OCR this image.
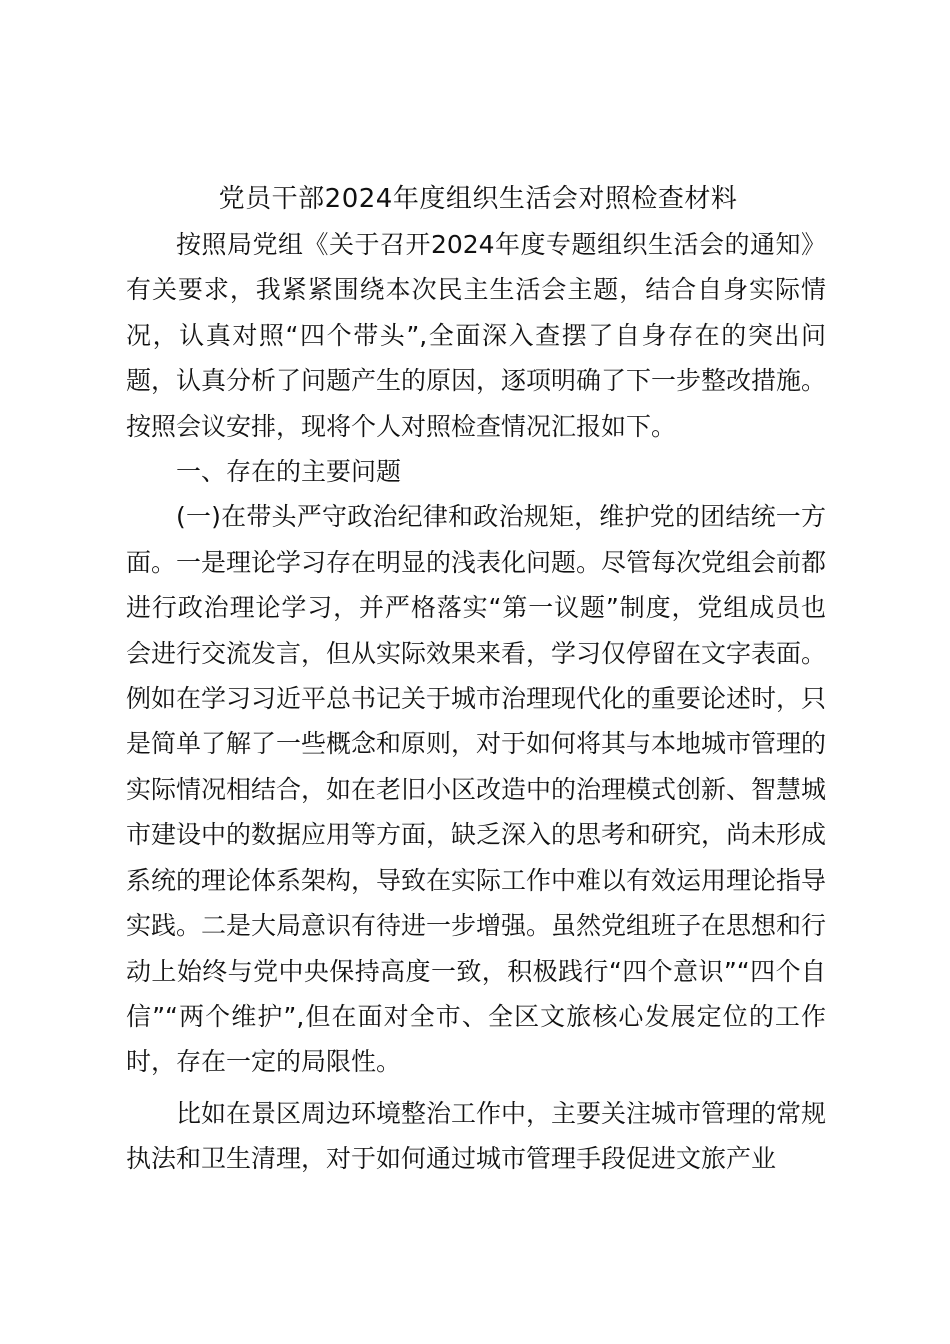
党员干部2024年度组织生活会对照检查材料

按照局党组《关于召开2024年度专题组织生活会的通知》有关要求，我紧紧围绕本次民主生活会主题，结合自身实际情况，认真对照“四个带头”,全面深入查摆了自身存在的突出问题，认真分析了问题产生的原因，逐项明确了下一步整改措施。按照会议安排，现将个人对照检查情况汇报如下。

一、存在的主要问题

(一)在带头严守政治纪律和政治规矩，维护党的团结统一方面。一是理论学习存在明显的浅表化问题。尽管每次党组会前都进行政治理论学习，并严格落实“第一议题”制度，党组成员也会进行交流发言，但从实际效果来看，学习仅停留在文字表面。例如在学习习近平总书记关于城市治理现代化的重要论述时，只是简单了解了一些概念和原则，对于如何将其与本地城市管理的实际情况相结合，如在老旧小区改造中的治理模式创新、智慧城市建设中的数据应用等方面，缺乏深入的思考和研究，尚未形成系统的理论体系架构，导致在实际工作中难以有效运用理论指导实践。二是大局意识有待进一步增强。虽然党组班子在思想和行动上始终与党中央保持高度一致，积极践行“四个意识”“四个自信”“两个维护”,但在面对全市、全区文旅核心发展定位的工作时，存在一定的局限性。

比如在景区周边环境整治工作中，主要关注城市管理的常规执法和卫生清理，对于如何通过城市管理手段促进文旅产业
